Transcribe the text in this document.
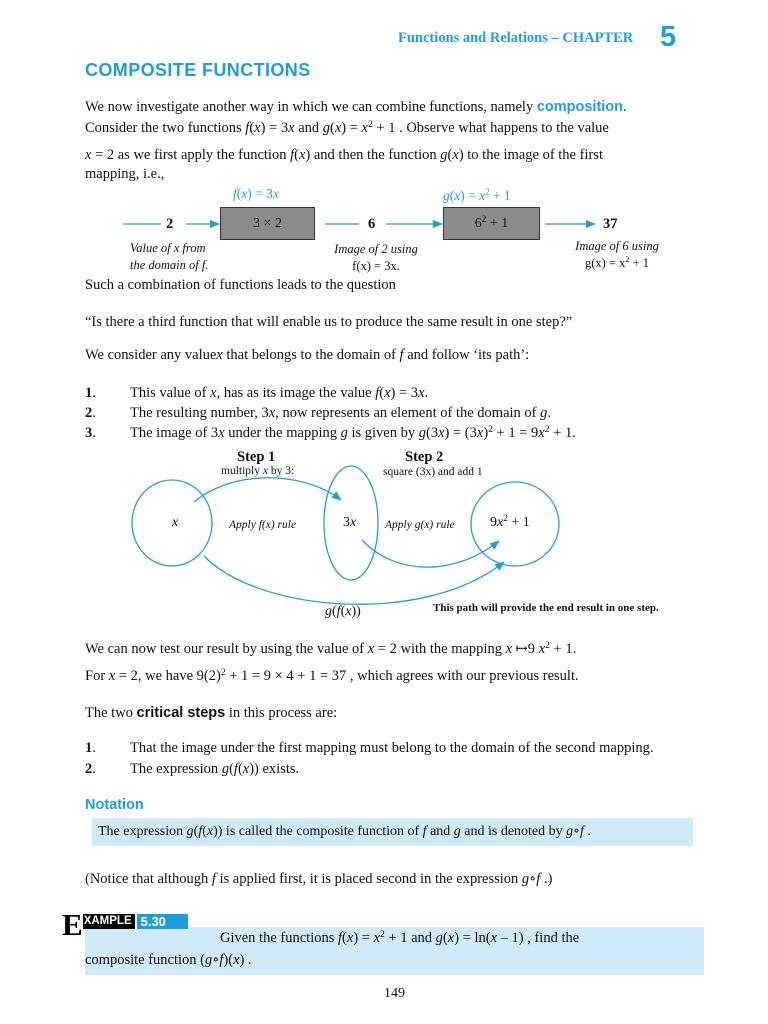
Functions and Relations – CHAPTER 5
COMPOSITE FUNCTIONS
We now investigate another way in which we can combine functions, namely composition.
Consider the two functions f(x) = 3x and $g(x) = x^2 + 1$ . Observe what happens to the value
x = 2 as we first apply the function f(x) and then the function g(x) to the image of the first
mapping, i.e.,
f(x) = 3x	$g(x) = x^2 + 1$
2	3 × 2	6	$6^2 + 1$	37
Value of x from
the domain of f.
Image of 2 using
f(x) = 3x.
Image of 6 using
$g(x) = x^2 + 1$
Such a combination of functions leads to the question
“Is there a third function that will enable us to produce the same result in one step?”
We consider any valuex that belongs to the domain of f and follow ‘its path’:
1. This value of x, has as its image the value f(x) = 3x.
2. The resulting number, 3x, now represents an element of the domain of g.
3. The image of 3x under the mapping g is given by $g(3x) = (3x)^2 + 1 = 9x^2 + 1$.
Step 1
multiply x by 3:
Step 2
square (3x) and add 1
x	Apply f(x) rule	3x	Apply g(x) rule	$9x^2 + 1$
g(f(x))	This path will provide the end result in one step.
We can now test our result by using the value of x = 2 with the mapping x ↦9 $x^2 + 1$.
For x = 2, we have $9(2)^2 + 1 = 9 \times 4 + 1 = 37$ , which agrees with our previous result.
The two critical steps in this process are:
1. That the image under the first mapping must belong to the domain of the second mapping.
2. The expression g(f(x)) exists.
Notation
The expression g(f(x)) is called the composite function of f and g and is denoted by g∘f .
(Notice that although f is applied first, it is placed second in the expression g∘f .)
E XAMPLE 5.30
Given the functions $f(x) = x^2 + 1$ and g(x) = ln(x – 1) , find the
composite function (g∘f)(x) .
149
